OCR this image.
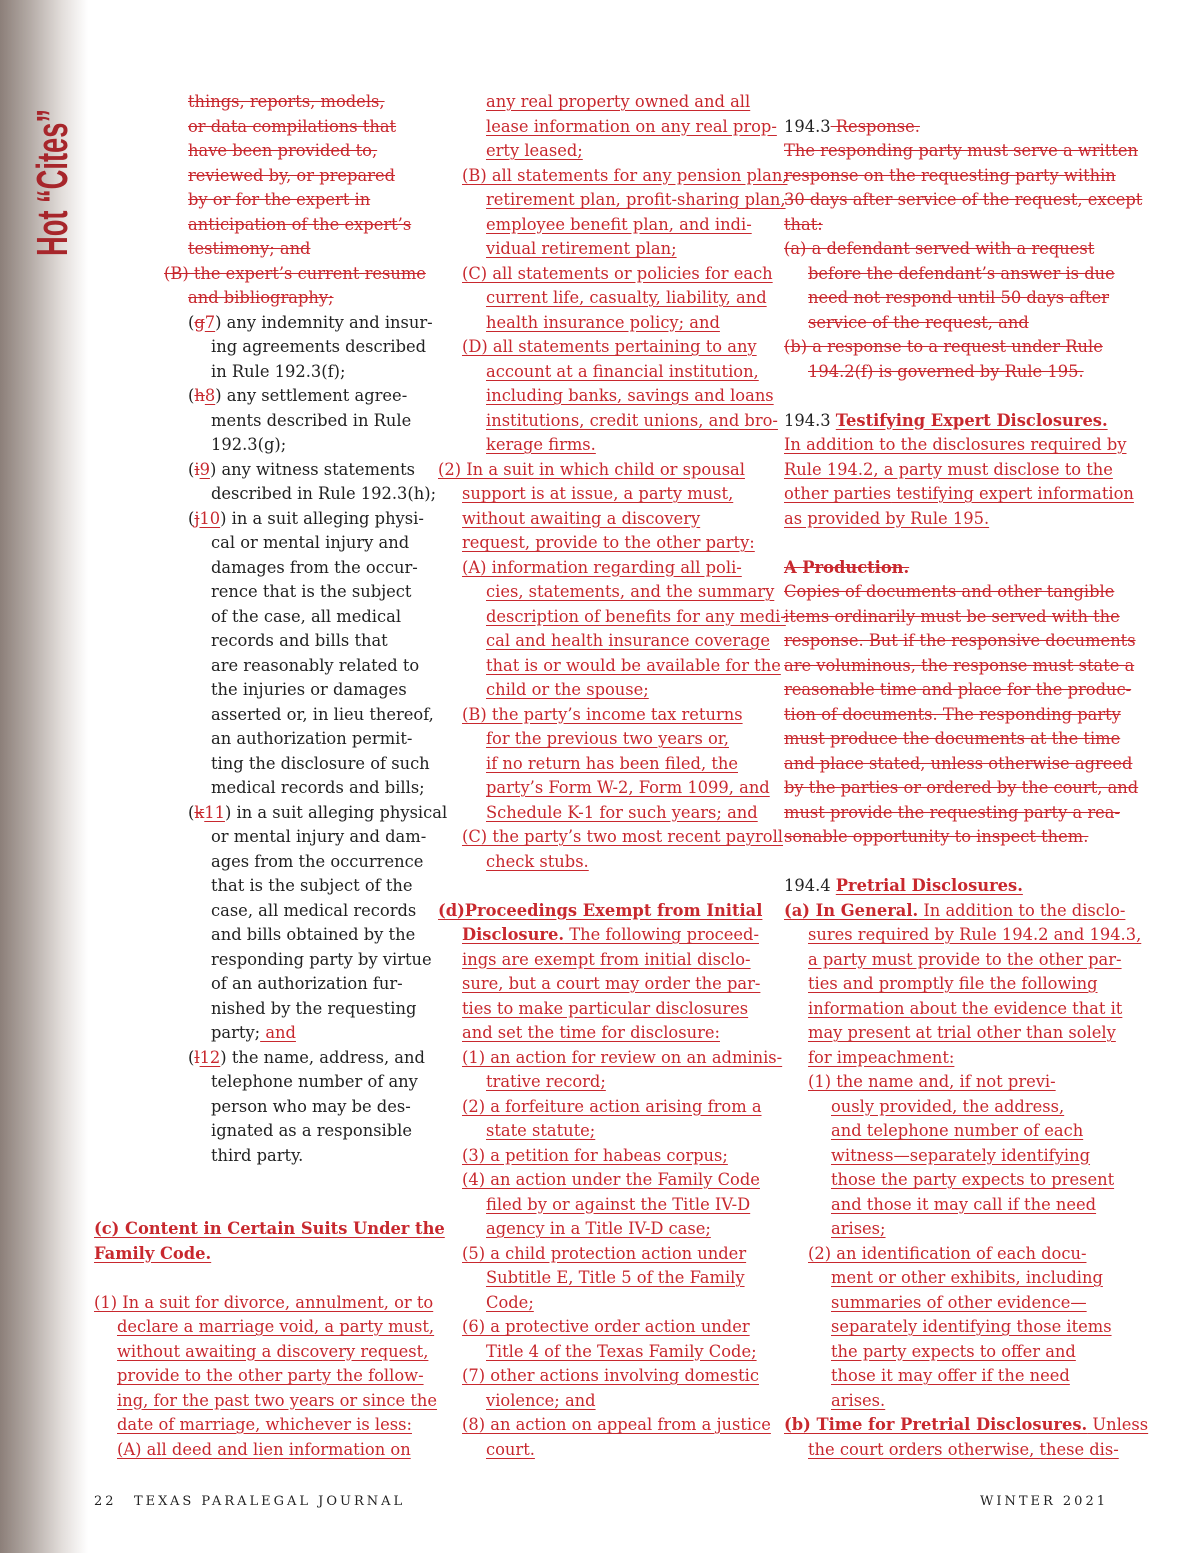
Hot “Cites”
things, reports, models,
or data compilations that
have been provided to,
reviewed by, or prepared
by or for the expert in
anticipation of the expert’s
testimony; and
(B) the expert’s current resume
and bibliography;
(g7) any indemnity and insur-
ing agreements described
in Rule 192.3(f);
(h8) any settlement agree-
ments described in Rule
192.3(g);
(i9) any witness statements
described in Rule 192.3(h);
(j10) in a suit alleging physi-
cal or mental injury and
damages from the occur-
rence that is the subject
of the case, all medical
records and bills that
are reasonably related to
the injuries or damages
asserted or, in lieu thereof,
an authorization permit-
ting the disclosure of such
medical records and bills;
(k11) in a suit alleging physical
or mental injury and dam-
ages from the occurrence
that is the subject of the
case, all medical records
and bills obtained by the
responding party by virtue
of an authorization fur-
nished by the requesting
party; and
(l12) the name, address, and
telephone number of any
person who may be des-
ignated as a responsible
third party.
(c) Content in Certain Suits Under the
Family Code.
(1) In a suit for divorce, annulment, or to
declare a marriage void, a party must,
without awaiting a discovery request,
provide to the other party the follow-
ing, for the past two years or since the
date of marriage, whichever is less:
(A) all deed and lien information on
any real property owned and all
lease information on any real prop-
erty leased;
(B) all statements for any pension plan,
retirement plan, profit-sharing plan,
employee benefit plan, and indi-
vidual retirement plan;
(C) all statements or policies for each
current life, casualty, liability, and
health insurance policy; and
(D) all statements pertaining to any
account at a financial institution,
including banks, savings and loans
institutions, credit unions, and bro-
kerage firms.
(2) In a suit in which child or spousal
support is at issue, a party must,
without awaiting a discovery
request, provide to the other party:
(A) information regarding all poli-
cies, statements, and the summary
description of benefits for any medi-
cal and health insurance coverage
that is or would be available for the
child or the spouse;
(B) the party’s income tax returns
for the previous two years or,
if no return has been filed, the
party’s Form W-2, Form 1099, and
Schedule K-1 for such years; and
(C) the party’s two most recent payroll
check stubs.
(d)Proceedings Exempt from Initial
Disclosure. The following proceed-
ings are exempt from initial disclo-
sure, but a court may order the par-
ties to make particular disclosures
and set the time for disclosure:
(1) an action for review on an adminis-
trative record;
(2) a forfeiture action arising from a
state statute;
(3) a petition for habeas corpus;
(4) an action under the Family Code
filed by or against the Title IV-D
agency in a Title IV-D case;
(5) a child protection action under
Subtitle E, Title 5 of the Family
Code;
(6) a protective order action under
Title 4 of the Texas Family Code;
(7) other actions involving domestic
violence; and
(8) an action on appeal from a justice
court.
194.3 Response.
The responding party must serve a written
response on the requesting party within
30 days after service of the request, except
that:
(a) a defendant served with a request
before the defendant’s answer is due
need not respond until 50 days after
service of the request, and
(b) a response to a request under Rule
194.2(f) is governed by Rule 195.
194.3 Testifying Expert Disclosures.
In addition to the disclosures required by
Rule 194.2, a party must disclose to the
other parties testifying expert information
as provided by Rule 195.
A Production.
Copies of documents and other tangible
items ordinarily must be served with the
response. But if the responsive documents
are voluminous, the response must state a
reasonable time and place for the produc-
tion of documents. The responding party
must produce the documents at the time
and place stated, unless otherwise agreed
by the parties or ordered by the court, and
must provide the requesting party a rea-
sonable opportunity to inspect them.
194.4 Pretrial Disclosures.
(a) In General. In addition to the disclo-
sures required by Rule 194.2 and 194.3,
a party must provide to the other par-
ties and promptly file the following
information about the evidence that it
may present at trial other than solely
for impeachment:
(1) the name and, if not previ-
ously provided, the address,
and telephone number of each
witness—separately identifying
those the party expects to present
and those it may call if the need
arises;
(2) an identification of each docu-
ment or other exhibits, including
summaries of other evidence—
separately identifying those items
the party expects to offer and
those it may offer if the need
arises.
(b) Time for Pretrial Disclosures. Unless
the court orders otherwise, these dis-
22 TEXAS PARALEGAL JOURNAL	WINTER 2021
